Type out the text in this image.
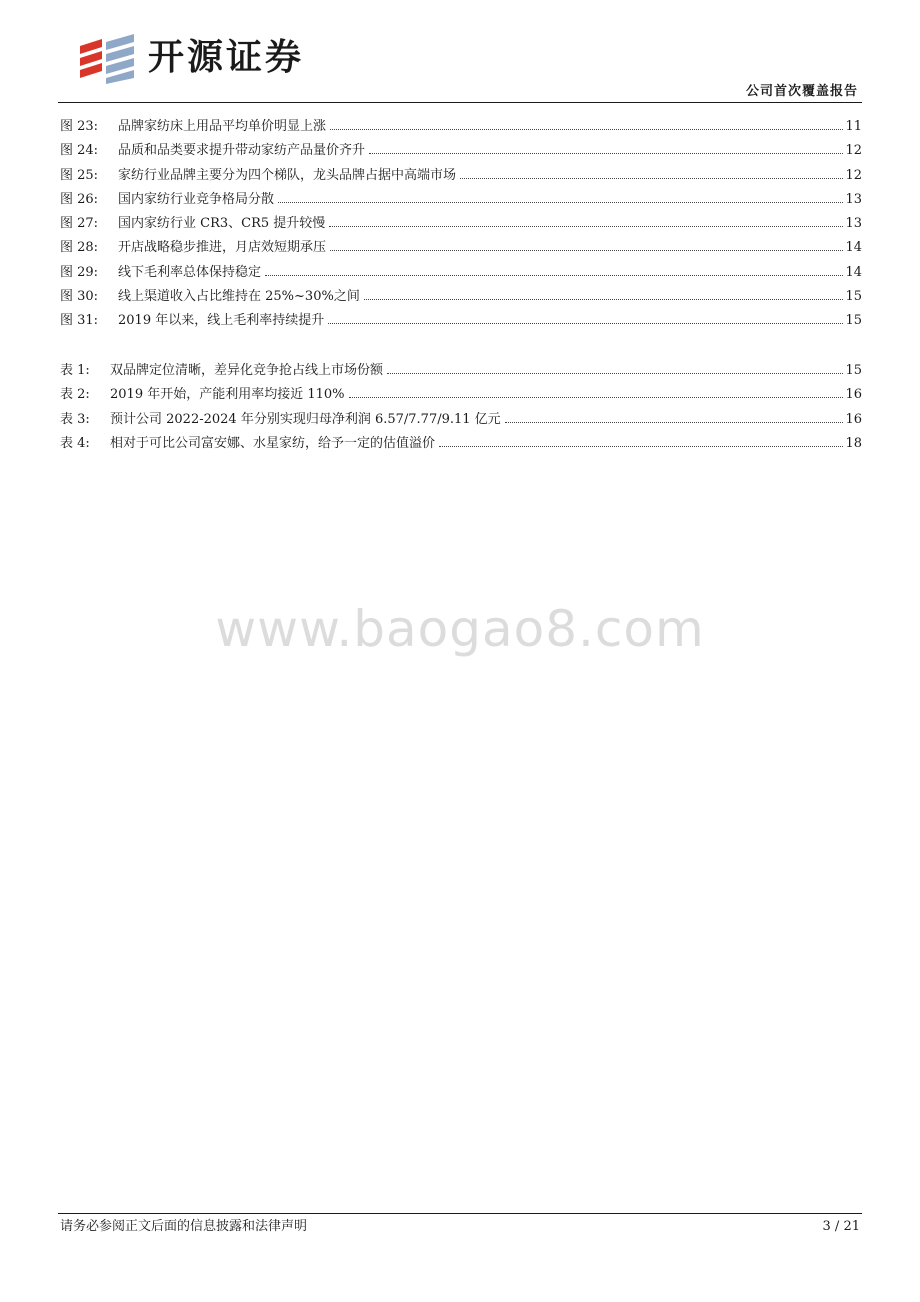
开源证券
公司首次覆盖报告
图 23:	品牌家纺床上用品平均单价明显上涨	11
图 24:	品质和品类要求提升带动家纺产品量价齐升	12
图 25:	家纺行业品牌主要分为四个梯队，龙头品牌占据中高端市场	12
图 26:	国内家纺行业竞争格局分散	13
图 27:	国内家纺行业 CR3、CR5 提升较慢	13
图 28:	开店战略稳步推进，月店效短期承压	14
图 29:	线下毛利率总体保持稳定	14
图 30:	线上渠道收入占比维持在 25%~30%之间	15
图 31:	2019 年以来，线上毛利率持续提升	15
表 1:	双品牌定位清晰，差异化竞争抢占线上市场份额	15
表 2:	2019 年开始，产能利用率均接近 110%	16
表 3:	预计公司 2022-2024 年分别实现归母净利润 6.57/7.77/9.11 亿元	16
表 4:	相对于可比公司富安娜、水星家纺，给予一定的估值溢价	18
www.baogao8.com
请务必参阅正文后面的信息披露和法律声明	3 / 21
